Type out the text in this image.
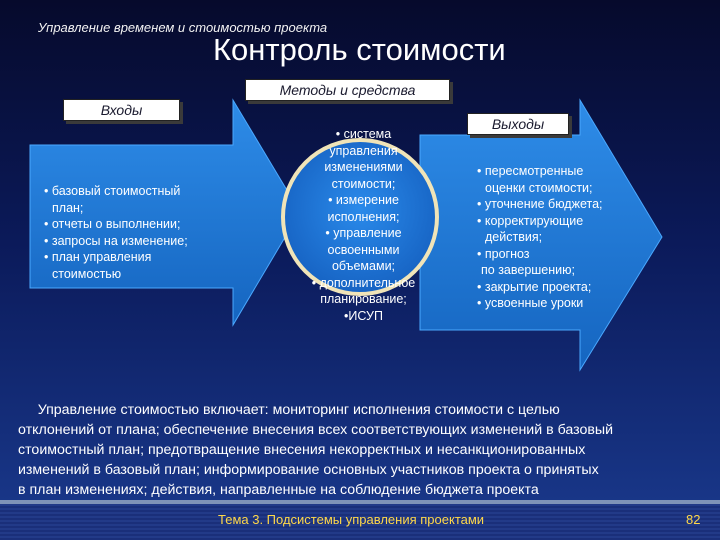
Управление временем и стоимостью проекта
Контроль стоимости
Методы и средства
Входы
Выходы
• базовый стоимостный
план;
• отчеты о выполнении;
• запросы на изменение;
• план управления
стоимостью
• система
управления
изменениями
стоимости;
• измерение
исполнения;
• управление
освоенными
объемами;
• дополнительное
планирование;
•ИСУП
• пересмотренные
оценки стоимости;
• уточнение бюджета;
• корректирующие
действия;
• прогноз
по завершению;
• закрытие проекта;
• усвоенные уроки
Управление стоимостью включает: мониторинг исполнения стоимости с целью
отклонений от плана; обеспечение внесения всех соответствующих изменений в базовый
стоимостный план; предотвращение внесения некорректных и несанкционированных
изменений в базовый план; информирование основных участников проекта о принятых
в план изменениях; действия, направленные на соблюдение бюджета проекта
Тема 3. Подсистемы управления проектами	82
